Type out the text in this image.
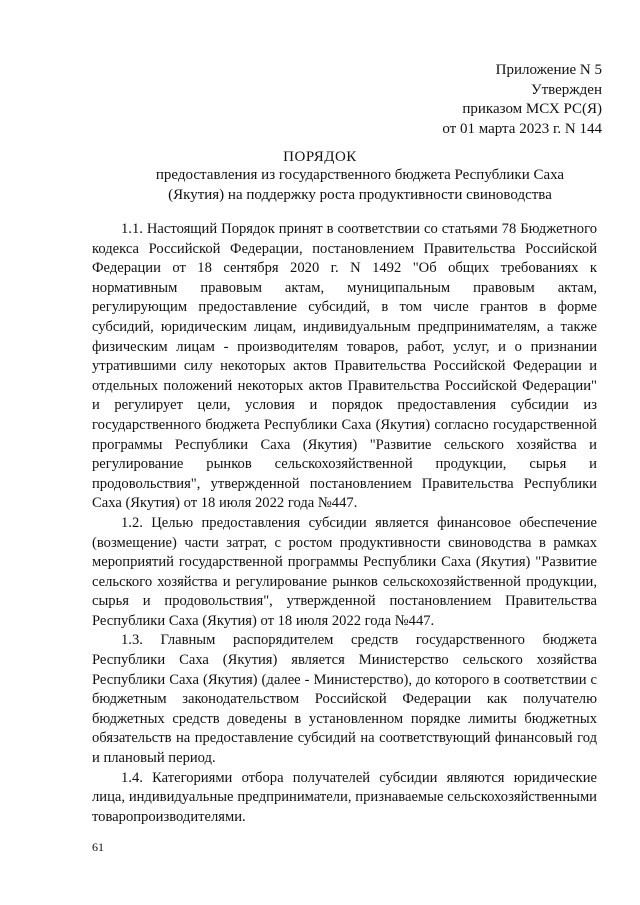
Приложение N 5
Утвержден
приказом МСХ РС(Я)
от 01 марта 2023 г. N 144
ПОРЯДОК
предоставления из государственного бюджета Республики Саха (Якутия) на поддержку роста продуктивности свиноводства

1.1. Настоящий Порядок принят в соответствии со статьями 78 Бюджетного кодекса Российской Федерации, постановлением Правительства Российской Федерации от 18 сентября 2020 г. N 1492 "Об общих требованиях к нормативным правовым актам, муниципальным правовым актам, регулирующим предоставление субсидий, в том числе грантов в форме субсидий, юридическим лицам, индивидуальным предпринимателям, а также физическим лицам - производителям товаров, работ, услуг, и о признании утратившими силу некоторых актов Правительства Российской Федерации и отдельных положений некоторых актов Правительства Российской Федерации" и регулирует цели, условия и порядок предоставления субсидии из государственного бюджета Республики Саха (Якутия) согласно государственной программы Республики Саха (Якутия) "Развитие сельского хозяйства и регулирование рынков сельскохозяйственной продукции, сырья и продовольствия", утвержденной постановлением Правительства Республики Саха (Якутия) от 18 июля 2022 года №447.

1.2. Целью предоставления субсидии является финансовое обеспечение (возмещение) части затрат, с ростом продуктивности свиноводства в рамках мероприятий государственной программы Республики Саха (Якутия) "Развитие сельского хозяйства и регулирование рынков сельскохозяйственной продукции, сырья и продовольствия", утвержденной постановлением Правительства Республики Саха (Якутия) от 18 июля 2022 года №447.

1.3. Главным распорядителем средств государственного бюджета Республики Саха (Якутия) является Министерство сельского хозяйства Республики Саха (Якутия) (далее - Министерство), до которого в соответствии с бюджетным законодательством Российской Федерации как получателю бюджетных средств доведены в установленном порядке лимиты бюджетных обязательств на предоставление субсидий на соответствующий финансовый год и плановый период.

1.4. Категориями отбора получателей субсидии являются юридические лица, индивидуальные предприниматели, признаваемые сельскохозяйственными товаропроизводителями.

61
